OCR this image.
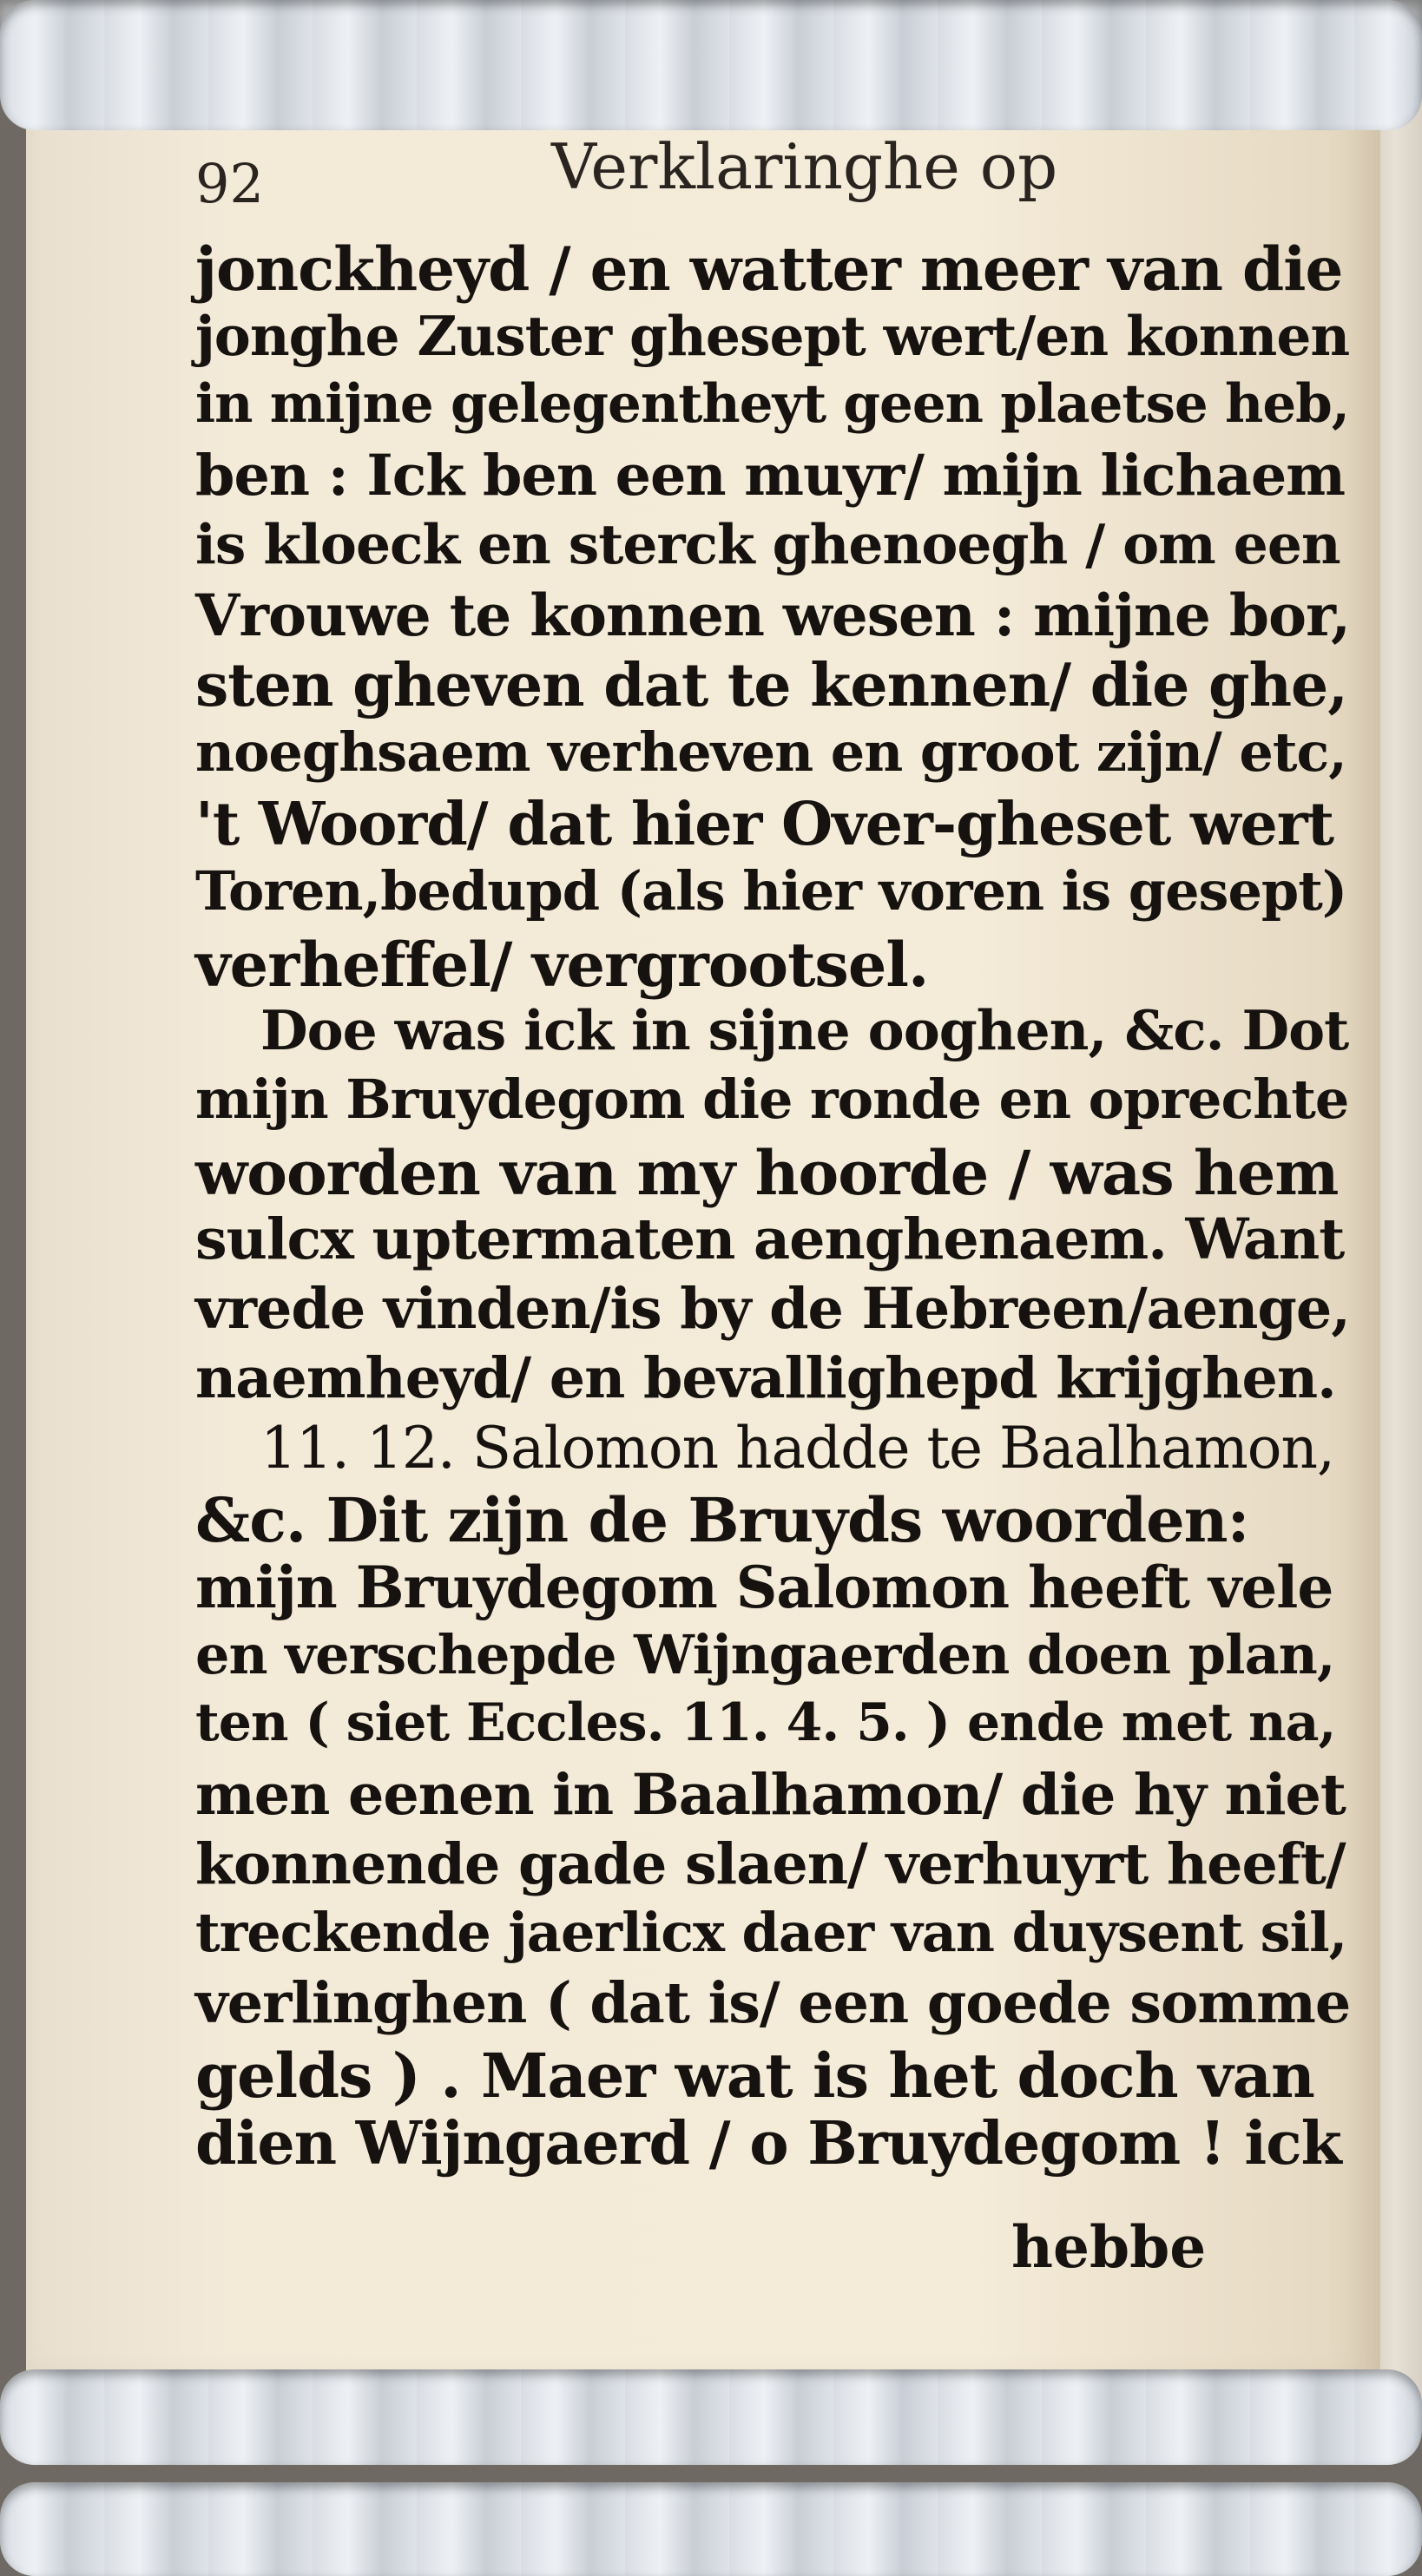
92	Verklaringhe op
jonckheyd / en watter meer van die
jonghe Zuster ghesept wert/en konnen
in mijne gelegentheyt geen plaetse heb,
ben : Ick ben een muyr/ mijn lichaem
is kloeck en sterck ghenoegh / om een
Vrouwe te konnen wesen : mijne bor,
sten gheven dat te kennen/ die ghe,
noeghsaem verheven en groot zijn/ etc,
't Woord/ dat hier Over-gheset wert
Toren,bedupd (als hier voren is gesept)
verheffel/ vergrootsel.
Doe was ick in sijne ooghen, &c. Dot
mijn Bruydegom die ronde en oprechte
woorden van my hoorde / was hem
sulcx uptermaten aenghenaem. Want
vrede vinden/is by de Hebreen/aenge,
naemheyd/ en bevallighepd krijghen.
11. 12. Salomon hadde te Baalhamon,
&c. Dit zijn de Bruyds woorden:
mijn Bruydegom Salomon heeft vele
en verschepde Wijngaerden doen plan,
ten ( siet Eccles. 11. 4. 5. ) ende met na,
men eenen in Baalhamon/ die hy niet
konnende gade slaen/ verhuyrt heeft/
treckende jaerlicx daer van duysent sil,
verlinghen ( dat is/ een goede somme
gelds ) . Maer wat is het doch van
dien Wijngaerd / o Bruydegom ! ick
hebbe
